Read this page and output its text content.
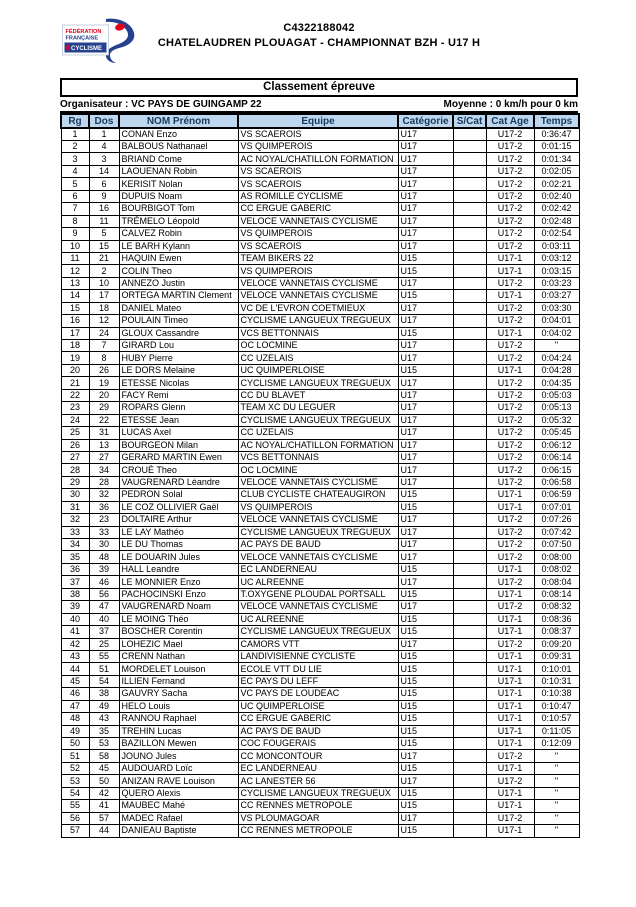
FÉDÉRATION
FRANÇAISE
CYCLISME
C4322188042
CHATELAUDREN PLOUAGAT - CHAMPIONNAT BZH - U17 H
Classement épreuve
Organisateur : VC PAYS DE GUINGAMP 22	Moyenne : 0 km/h pour 0 km
Rg	Dos	NOM Prénom	Equipe	Catégorie	S/Cat	Cat Age	Temps
1	1	CONAN Enzo	VS SCAEROIS	U17		U17-2	0:36:47
2	4	BALBOUS Nathanael	VS QUIMPEROIS	U17		U17-2	0:01:15
3	3	BRIAND Come	AC NOYAL/CHATILLON FORMATION	U17		U17-2	0:01:34
4	14	LAOUENAN Robin	VS SCAEROIS	U17		U17-2	0:02:05
5	6	KERISIT Nolan	VS SCAEROIS	U17		U17-2	0:02:21
6	9	DUPUIS Noam	AS ROMILLE CYCLISME	U17		U17-2	0:02:40
7	16	BOURBIGOT Tom	CC ERGUE GABERIC	U17		U17-2	0:02:42
8	11	TRÉMELO Léopold	VELOCE VANNETAIS CYCLISME	U17		U17-2	0:02:48
9	5	CALVEZ Robin	VS QUIMPEROIS	U17		U17-2	0:02:54
10	15	LE BARH Kylann	VS SCAEROIS	U17		U17-2	0:03:11
11	21	HAQUIN Ewen	TEAM BIKERS 22	U15		U17-1	0:03:12
12	2	COLIN Theo	VS QUIMPEROIS	U15		U17-1	0:03:15
13	10	ANNEZO Justin	VELOCE VANNETAIS CYCLISME	U17		U17-2	0:03:23
14	17	ORTEGA MARTIN Clement	VELOCE VANNETAIS CYCLISME	U15		U17-1	0:03:27
15	18	DANIEL Mateo	VC DE L'EVRON COETMIEUX	U17		U17-2	0:03:30
16	12	POULAIN Timeo	CYCLISME LANGUEUX TREGUEUX	U17		U17-2	0:04:01
17	24	GLOUX Cassandre	VCS BETTONNAIS	U15		U17-1	0:04:02
18	7	GIRARD Lou	OC LOCMINE	U17		U17-2	"
19	8	HUBY Pierre	CC UZELAIS	U17		U17-2	0:04:24
20	26	LE DORS Melaine	UC QUIMPERLOISE	U15		U17-1	0:04:28
21	19	ETESSE Nicolas	CYCLISME LANGUEUX TREGUEUX	U17		U17-2	0:04:35
22	20	FACY Remi	CC DU BLAVET	U17		U17-2	0:05:03
23	29	ROPARS Glenn	TEAM XC DU LEGUER	U17		U17-2	0:05:13
24	22	ETESSE Jean	CYCLISME LANGUEUX TREGUEUX	U17		U17-2	0:05:32
25	31	LUCAS Axel	CC UZELAIS	U17		U17-2	0:05:45
26	13	BOURGEON Milan	AC NOYAL/CHATILLON FORMATION	U17		U17-2	0:06:12
27	27	GERARD MARTIN Ewen	VCS BETTONNAIS	U17		U17-2	0:06:14
28	34	CROUÉ Theo	OC LOCMINE	U17		U17-2	0:06:15
29	28	VAUGRENARD Léandre	VELOCE VANNETAIS CYCLISME	U17		U17-2	0:06:58
30	32	PEDRON Solal	CLUB CYCLISTE CHATEAUGIRON	U15		U17-1	0:06:59
31	36	LE COZ OLLIVIER Gaël	VS QUIMPEROIS	U15		U17-1	0:07:01
32	23	DOLTAIRE Arthur	VELOCE VANNETAIS CYCLISME	U17		U17-2	0:07:26
33	33	LE LAY Mathéo	CYCLISME LANGUEUX TREGUEUX	U17		U17-2	0:07:42
34	30	LE DU Thomas	AC PAYS DE BAUD	U17		U17-2	0:07:50
35	48	LE DOUARIN Jules	VELOCE VANNETAIS CYCLISME	U17		U17-2	0:08:00
36	39	HALL Leandre	EC LANDERNEAU	U15		U17-1	0:08:02
37	46	LE MONNIER Enzo	UC ALREENNE	U17		U17-2	0:08:04
38	56	PACHOCINSKI Enzo	T.OXYGENE PLOUDAL PORTSALL	U15		U17-1	0:08:14
39	47	VAUGRENARD Noam	VELOCE VANNETAIS CYCLISME	U17		U17-2	0:08:32
40	40	LE MOING Théo	UC ALREENNE	U15		U17-1	0:08:36
41	37	BOSCHER Corentin	CYCLISME LANGUEUX TREGUEUX	U15		U17-1	0:08:37
42	25	LOHEZIC Mael	CAMORS VTT	U17		U17-2	0:09:20
43	55	CRENN Nathan	LANDIVISIENNE CYCLISTE	U15		U17-1	0:09:31
44	51	MORDELET Louison	ECOLE VTT DU LIE	U15		U17-1	0:10:01
45	54	ILLIEN Fernand	EC PAYS DU LEFF	U15		U17-1	0:10:31
46	38	GAUVRY Sacha	VC PAYS DE LOUDEAC	U15		U17-1	0:10:38
47	49	HELO Louis	UC QUIMPERLOISE	U15		U17-1	0:10:47
48	43	RANNOU Raphael	CC ERGUE GABERIC	U15		U17-1	0:10:57
49	35	TREHIN Lucas	AC PAYS DE BAUD	U15		U17-1	0:11:05
50	53	BAZILLON Mewen	COC FOUGERAIS	U15		U17-1	0:12:09
51	58	JOUNO Jules	CC MONCONTOUR	U17		U17-2	"
52	45	AUDOUARD Loïc	EC LANDERNEAU	U15		U17-1	"
53	50	ANIZAN RAVE Louison	AC LANESTER 56	U17		U17-2	"
54	42	QUERO Alexis	CYCLISME LANGUEUX TREGUEUX	U15		U17-1	"
55	41	MAUBEC Mahé	CC RENNES METROPOLE	U15		U17-1	"
56	57	MADEC Rafael	VS PLOUMAGOAR	U17		U17-2	"
57	44	DANIEAU Baptiste	CC RENNES METROPOLE	U15		U17-1	"
